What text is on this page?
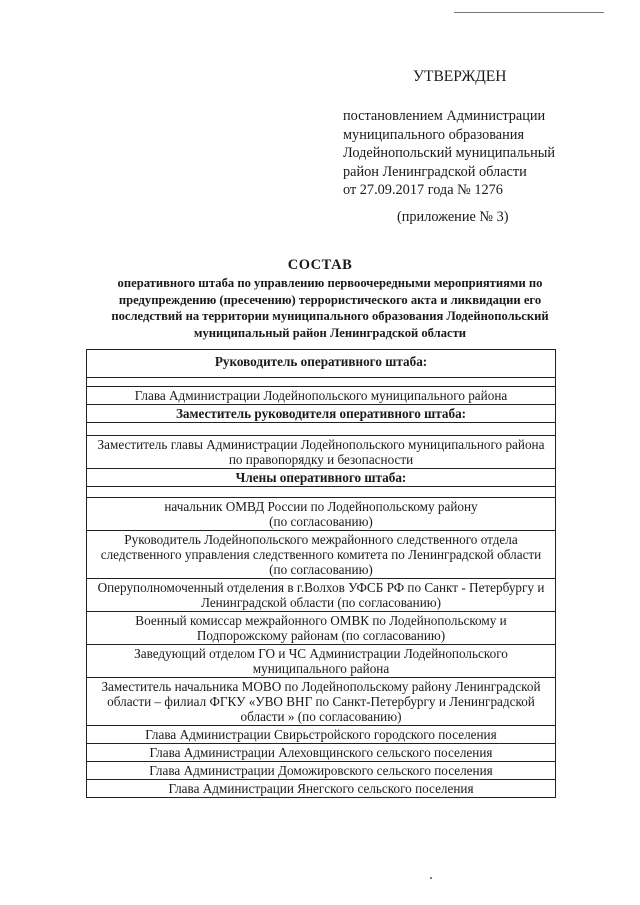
УТВЕРЖДЕН
постановлением Администрации
муниципального образования
Лодейнопольский муниципальный
район Ленинградской области
от 27.09.2017 года № 1276
(приложение № 3)
СОСТАВ
оперативного штаба по управлению первоочередными мероприятиями по
предупреждению (пресечению) террористического акта и ликвидации его
последствий на территории муниципального образования Лодейнопольский
муниципальный район Ленинградской области
Руководитель оперативного штаба:
Глава Администрации Лодейнопольского муниципального района
Заместитель руководителя оперативного штаба:
Заместитель главы Администрации Лодейнопольского муниципального района
по правопорядку и безопасности
Члены оперативного штаба:
начальник ОМВД России по Лодейнопольскому району
(по согласованию)
Руководитель Лодейнопольского межрайонного следственного отдела
следственного управления следственного комитета по Ленинградской области
(по согласованию)
Оперуполномоченный отделения в г.Волхов УФСБ РФ по Санкт - Петербургу и
Ленинградской области (по согласованию)
Военный комиссар межрайонного ОМВК по Лодейнопольскому и
Подпорожскому районам (по согласованию)
Заведующий отделом ГО и ЧС Администрации Лодейнопольского
муниципального района
Заместитель начальника МОВО по Лодейнопольскому району Ленинградской
области – филиал ФГКУ «УВО ВНГ по Санкт-Петербургу и Ленинградской
области » (по согласованию)
Глава Администрации Свирьстройского городского поселения
Глава Администрации Алеховщинского сельского поселения
Глава Администрации Доможировского сельского поселения
Глава Администрации Янегского сельского поселения
